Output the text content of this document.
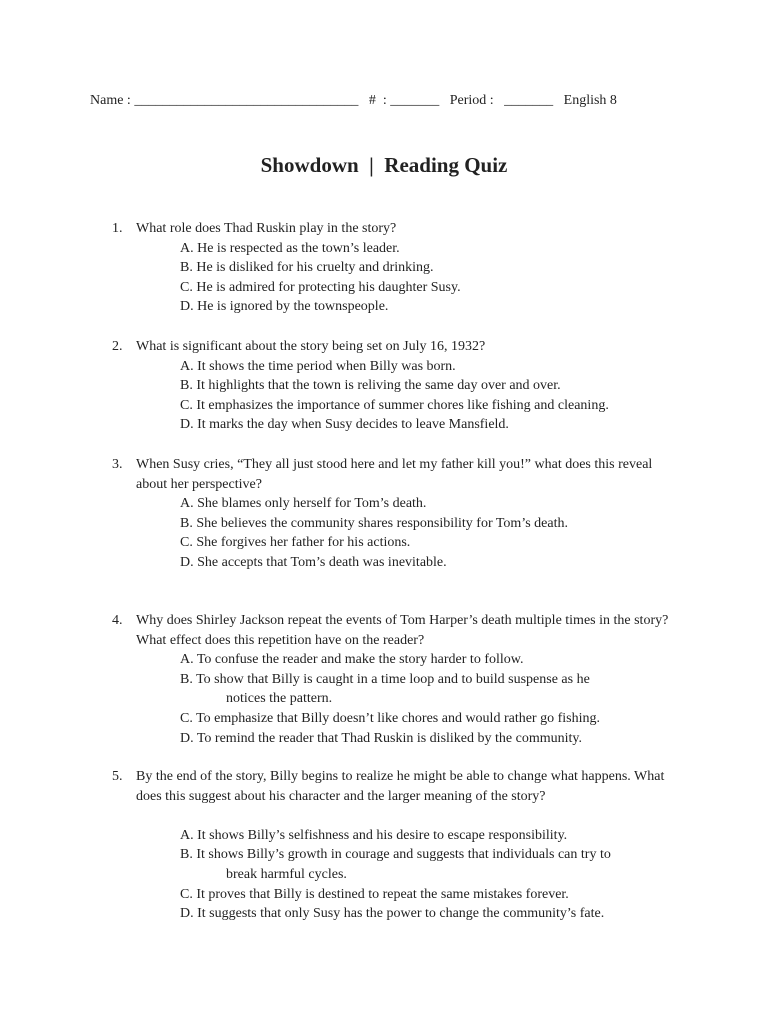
Name : ________________________________   #  : _______   Period :   _______   English 8
Showdown  |  Reading Quiz
1. What role does Thad Ruskin play in the story?
A. He is respected as the town’s leader.
B. He is disliked for his cruelty and drinking.
C. He is admired for protecting his daughter Susy.
D. He is ignored by the townspeople.
2. What is significant about the story being set on July 16, 1932?
A. It shows the time period when Billy was born.
B. It highlights that the town is reliving the same day over and over.
C. It emphasizes the importance of summer chores like fishing and cleaning.
D. It marks the day when Susy decides to leave Mansfield.
3. When Susy cries, “They all just stood here and let my father kill you!” what does this reveal about her perspective?
A. She blames only herself for Tom’s death.
B. She believes the community shares responsibility for Tom’s death.
C. She forgives her father for his actions.
D. She accepts that Tom’s death was inevitable.
4. Why does Shirley Jackson repeat the events of Tom Harper’s death multiple times in the story? What effect does this repetition have on the reader?
A. To confuse the reader and make the story harder to follow.
B. To show that Billy is caught in a time loop and to build suspense as he
notices the pattern.
C. To emphasize that Billy doesn’t like chores and would rather go fishing.
D. To remind the reader that Thad Ruskin is disliked by the community.
5. By the end of the story, Billy begins to realize he might be able to change what happens. What does this suggest about his character and the larger meaning of the story?
A. It shows Billy’s selfishness and his desire to escape responsibility.
B. It shows Billy’s growth in courage and suggests that individuals can try to
break harmful cycles.
C. It proves that Billy is destined to repeat the same mistakes forever.
D. It suggests that only Susy has the power to change the community’s fate.
